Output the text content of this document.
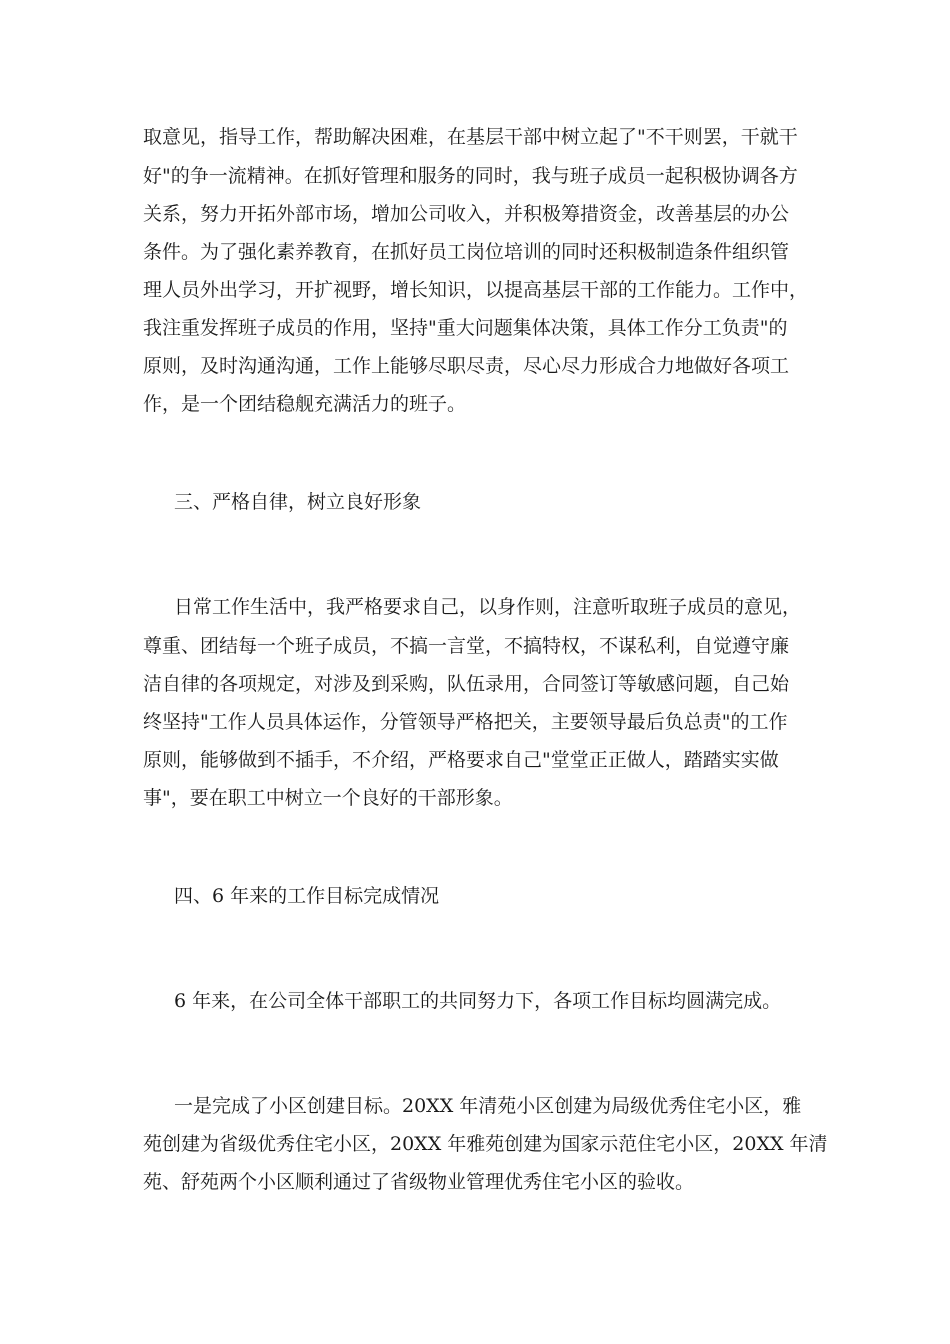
取意见，指导工作，帮助解决困难，在基层干部中树立起了"不干则罢，干就干

好"的争一流精神。在抓好管理和服务的同时，我与班子成员一起积极协调各方

关系，努力开拓外部市场，增加公司收入，并积极筹措资金，改善基层的办公

条件。为了强化素养教育，在抓好员工岗位培训的同时还积极制造条件组织管

理人员外出学习，开扩视野，增长知识，以提高基层干部的工作能力。工作中，

我注重发挥班子成员的作用，坚持"重大问题集体决策，具体工作分工负责"的

原则，及时沟通沟通，工作上能够尽职尽责，尽心尽力形成合力地做好各项工

作，是一个团结稳舰充满活力的班子。

三、严格自律，树立良好形象

日常工作生活中，我严格要求自己，以身作则，注意听取班子成员的意见，

尊重、团结每一个班子成员，不搞一言堂，不搞特权，不谋私利，自觉遵守廉

洁自律的各项规定，对涉及到采购，队伍录用，合同签订等敏感问题，自己始

终坚持"工作人员具体运作，分管领导严格把关，主要领导最后负总责"的工作

原则，能够做到不插手，不介绍，严格要求自己"堂堂正正做人，踏踏实实做

事"，要在职工中树立一个良好的干部形象。

四、6 年来的工作目标完成情况

6 年来，在公司全体干部职工的共同努力下，各项工作目标均圆满完成。

一是完成了小区创建目标。20XX 年清苑小区创建为局级优秀住宅小区，雅

苑创建为省级优秀住宅小区，20XX 年雅苑创建为国家示范住宅小区，20XX 年清

苑、舒苑两个小区顺利通过了省级物业管理优秀住宅小区的验收。
